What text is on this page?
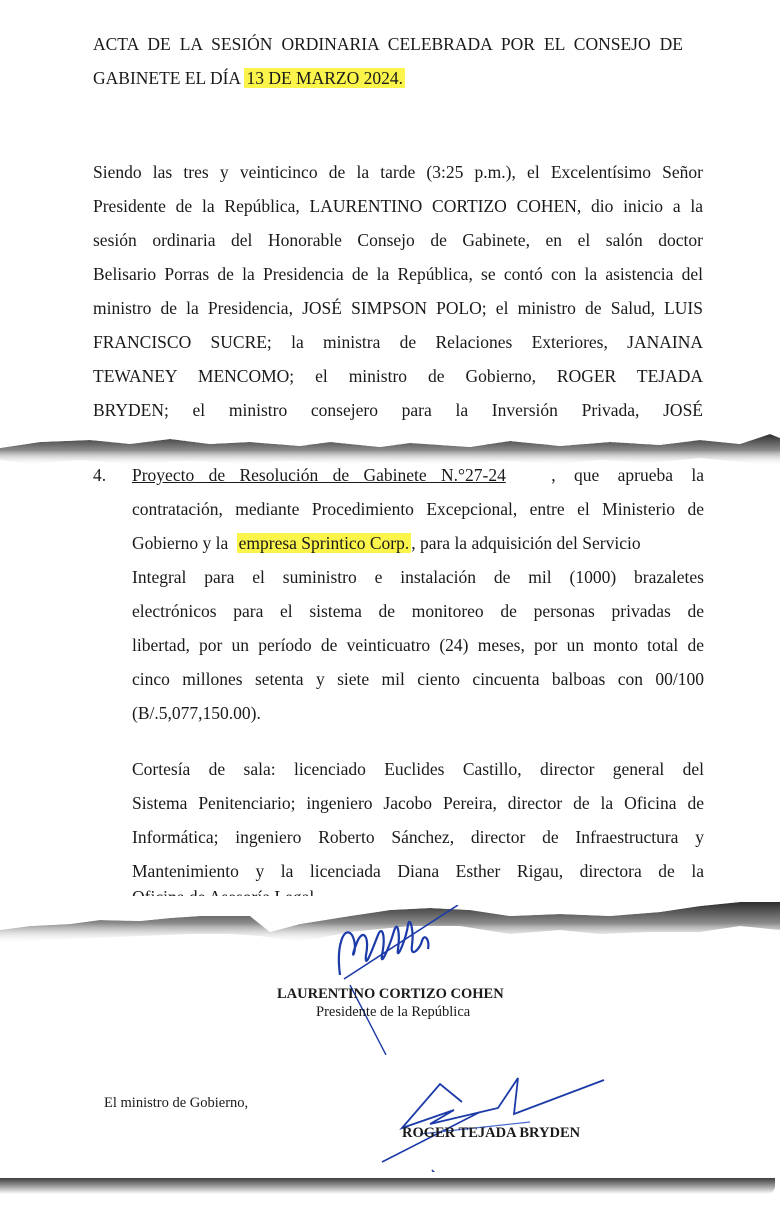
ACTA DE LA SESIÓN ORDINARIA CELEBRADA POR EL CONSEJO DE
GABINETE EL DÍA 13 DE MARZO 2024.
Siendo las tres y veinticinco de la tarde (3:25 p.m.), el Excelentísimo Señor
Presidente de la República, LAURENTINO CORTIZO COHEN, dio inicio a la
sesión ordinaria del Honorable Consejo de Gabinete, en el salón doctor
Belisario Porras de la Presidencia de la República, se contó con la asistencia del
ministro de la Presidencia, JOSÉ SIMPSON POLO; el ministro de Salud, LUIS
FRANCISCO SUCRE; la ministra de Relaciones Exteriores, JANAINA
TEWANEY MENCOMO; el ministro de Gobierno, ROGER TEJADA
BRYDEN; el ministro consejero para la Inversión Privada, JOSÉ
4. Proyecto de Resolución de Gabinete N.°27-24	, que aprueba la
contratación, mediante Procedimiento Excepcional, entre el Ministerio de
Gobierno y la empresa Sprintico Corp. , para la adquisición del Servicio
Integral para el suministro e instalación de mil (1000) brazaletes
electrónicos para el sistema de monitoreo de personas privadas de
libertad, por un período de veinticuatro (24) meses, por un monto total de
cinco millones setenta y siete mil ciento cincuenta balboas con 00/100
(B/.5,077,150.00).
Cortesía de sala: licenciado Euclides Castillo, director general del
Sistema Penitenciario; ingeniero Jacobo Pereira, director de la Oficina de
Informática; ingeniero Roberto Sánchez, director de Infraestructura y
Mantenimiento y la licenciada Diana Esther Rigau, directora de la
LAURENTINO CORTIZO COHEN
Presidente de la República
El ministro de Gobierno,
ROGER TEJADA BRYDEN
